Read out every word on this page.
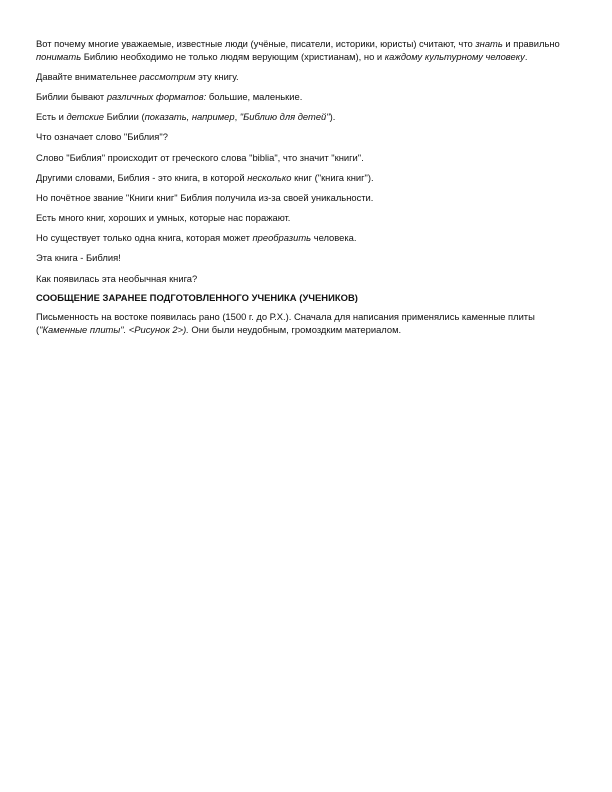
Вот почему многие уважаемые, известные люди (учёные, писатели, историки, юристы) считают, что знать и правильно понимать Библию необходимо не только людям верующим (христианам), но и каждому культурному человеку.

Давайте внимательнее рассмотрим эту книгу.

Библии бывают различных форматов: большие, маленькие.

Есть и детские Библии (показать, например, "Библию для детей").

Что означает слово "Библия"?

Слово "Библия" происходит от греческого слова "biblia", что значит "книги".

Другими словами, Библия - это книга, в которой несколько книг ("книга книг").

Но почётное звание "Книги книг" Библия получила из-за своей уникальности.

Есть много книг, хороших и умных, которые нас поражают.

Но существует только одна книга, которая может преобразить человека.

Эта книга - Библия!

Как появилась эта необычная книга?

СООБЩЕНИЕ ЗАРАНЕЕ ПОДГОТОВЛЕННОГО УЧЕНИКА (УЧЕНИКОВ)

Письменность на востоке появилась рано (1500 г. до Р.Х.). Сначала для написания применялись каменные плиты ("Каменные плиты". <Рисунок 2>). Они были неудобным, громоздким материалом.
